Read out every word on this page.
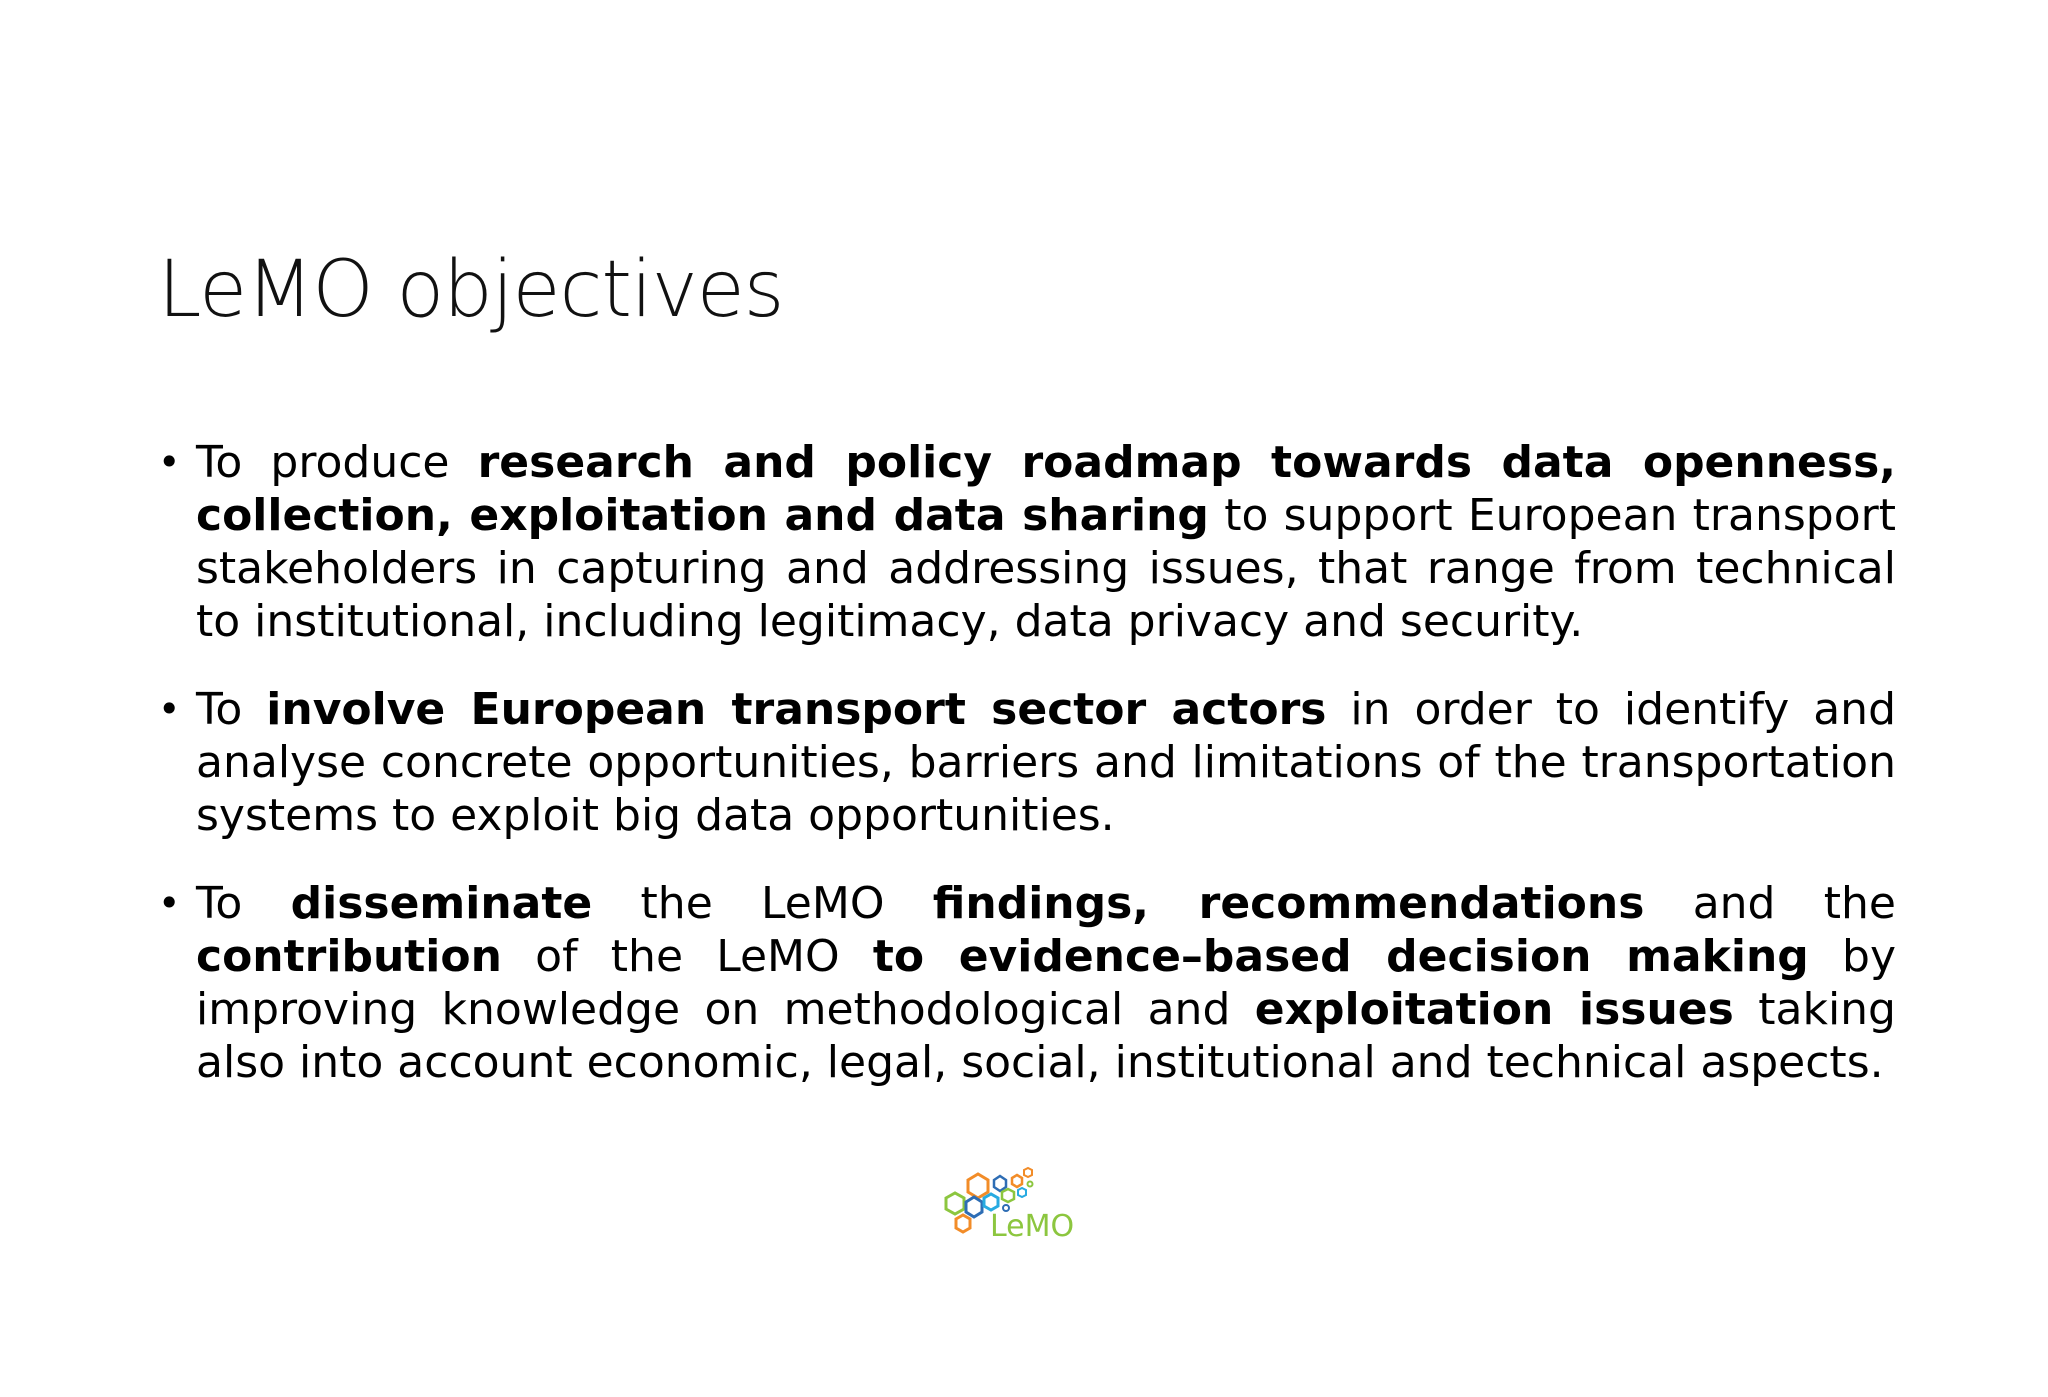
LeMO objectives
• To produce research and policy roadmap towards data openness, collection, exploitation and data sharing to support European transport stakeholders in capturing and addressing issues, that range from technical to institutional, including legitimacy, data privacy and security.
• To involve European transport sector actors in order to identify and analyse concrete opportunities, barriers and limitations of the transportation systems to exploit big data opportunities.
• To disseminate the LeMO findings, recommendations and the contribution of the LeMO to evidence–based decision making by improving knowledge on methodological and exploitation issues taking also into account economic, legal, social, institutional and technical aspects.
LeMO
